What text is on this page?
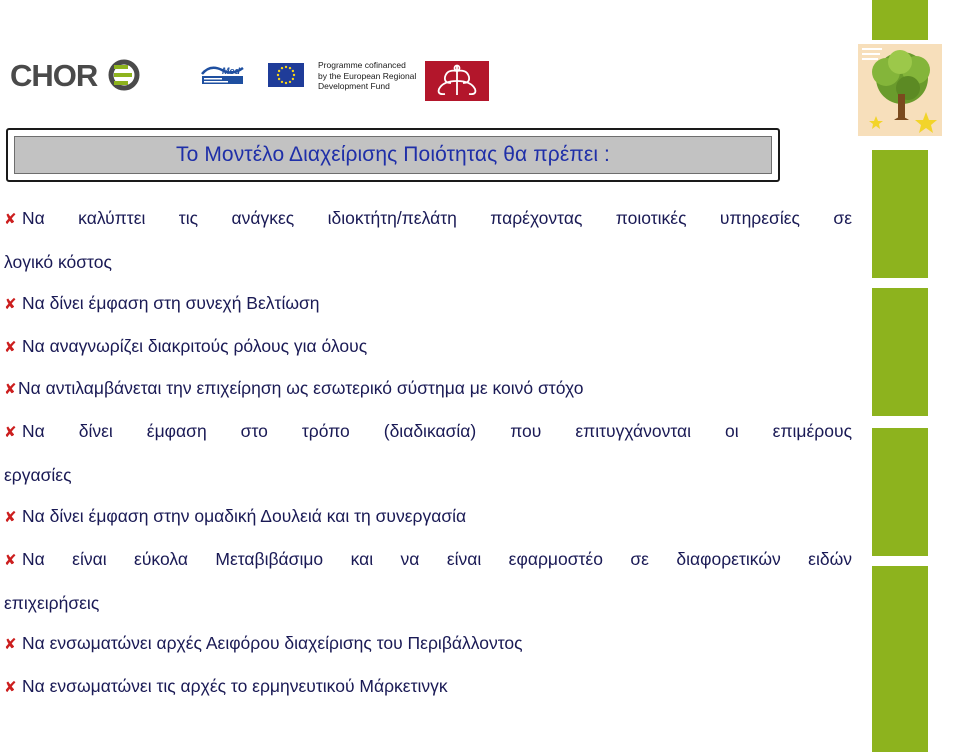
CHOR	Med
Programme cofinanced
by the European Regional
Development Fund
Το Μοντέλο Διαχείρισης Ποιότητας θα πρέπει :
✘ Να καλύπτει τις ανάγκες ιδιοκτήτη/πελάτη παρέχοντας ποιοτικές υπηρεσίες σε
λογικό κόστος
✘ Να δίνει έμφαση στη συνεχή Βελτίωση
✘ Να αναγνωρίζει διακριτούς ρόλους για όλους
✘Να αντιλαμβάνεται την επιχείρηση ως εσωτερικό σύστημα με κοινό στόχο
✘ Να δίνει έμφαση στο τρόπο (διαδικασία) που επιτυγχάνονται οι επιμέρους
εργασίες
✘ Να δίνει έμφαση στην ομαδική Δουλειά και τη συνεργασία
✘ Να είναι εύκολα Μεταβιβάσιμο και να είναι εφαρμοστέο σε διαφορετικών ειδών
επιχειρήσεις
✘ Να ενσωματώνει αρχές Αειφόρου διαχείρισης του Περιβάλλοντος
✘ Να ενσωματώνει τις αρχές το ερμηνευτικού Μάρκετινγκ
